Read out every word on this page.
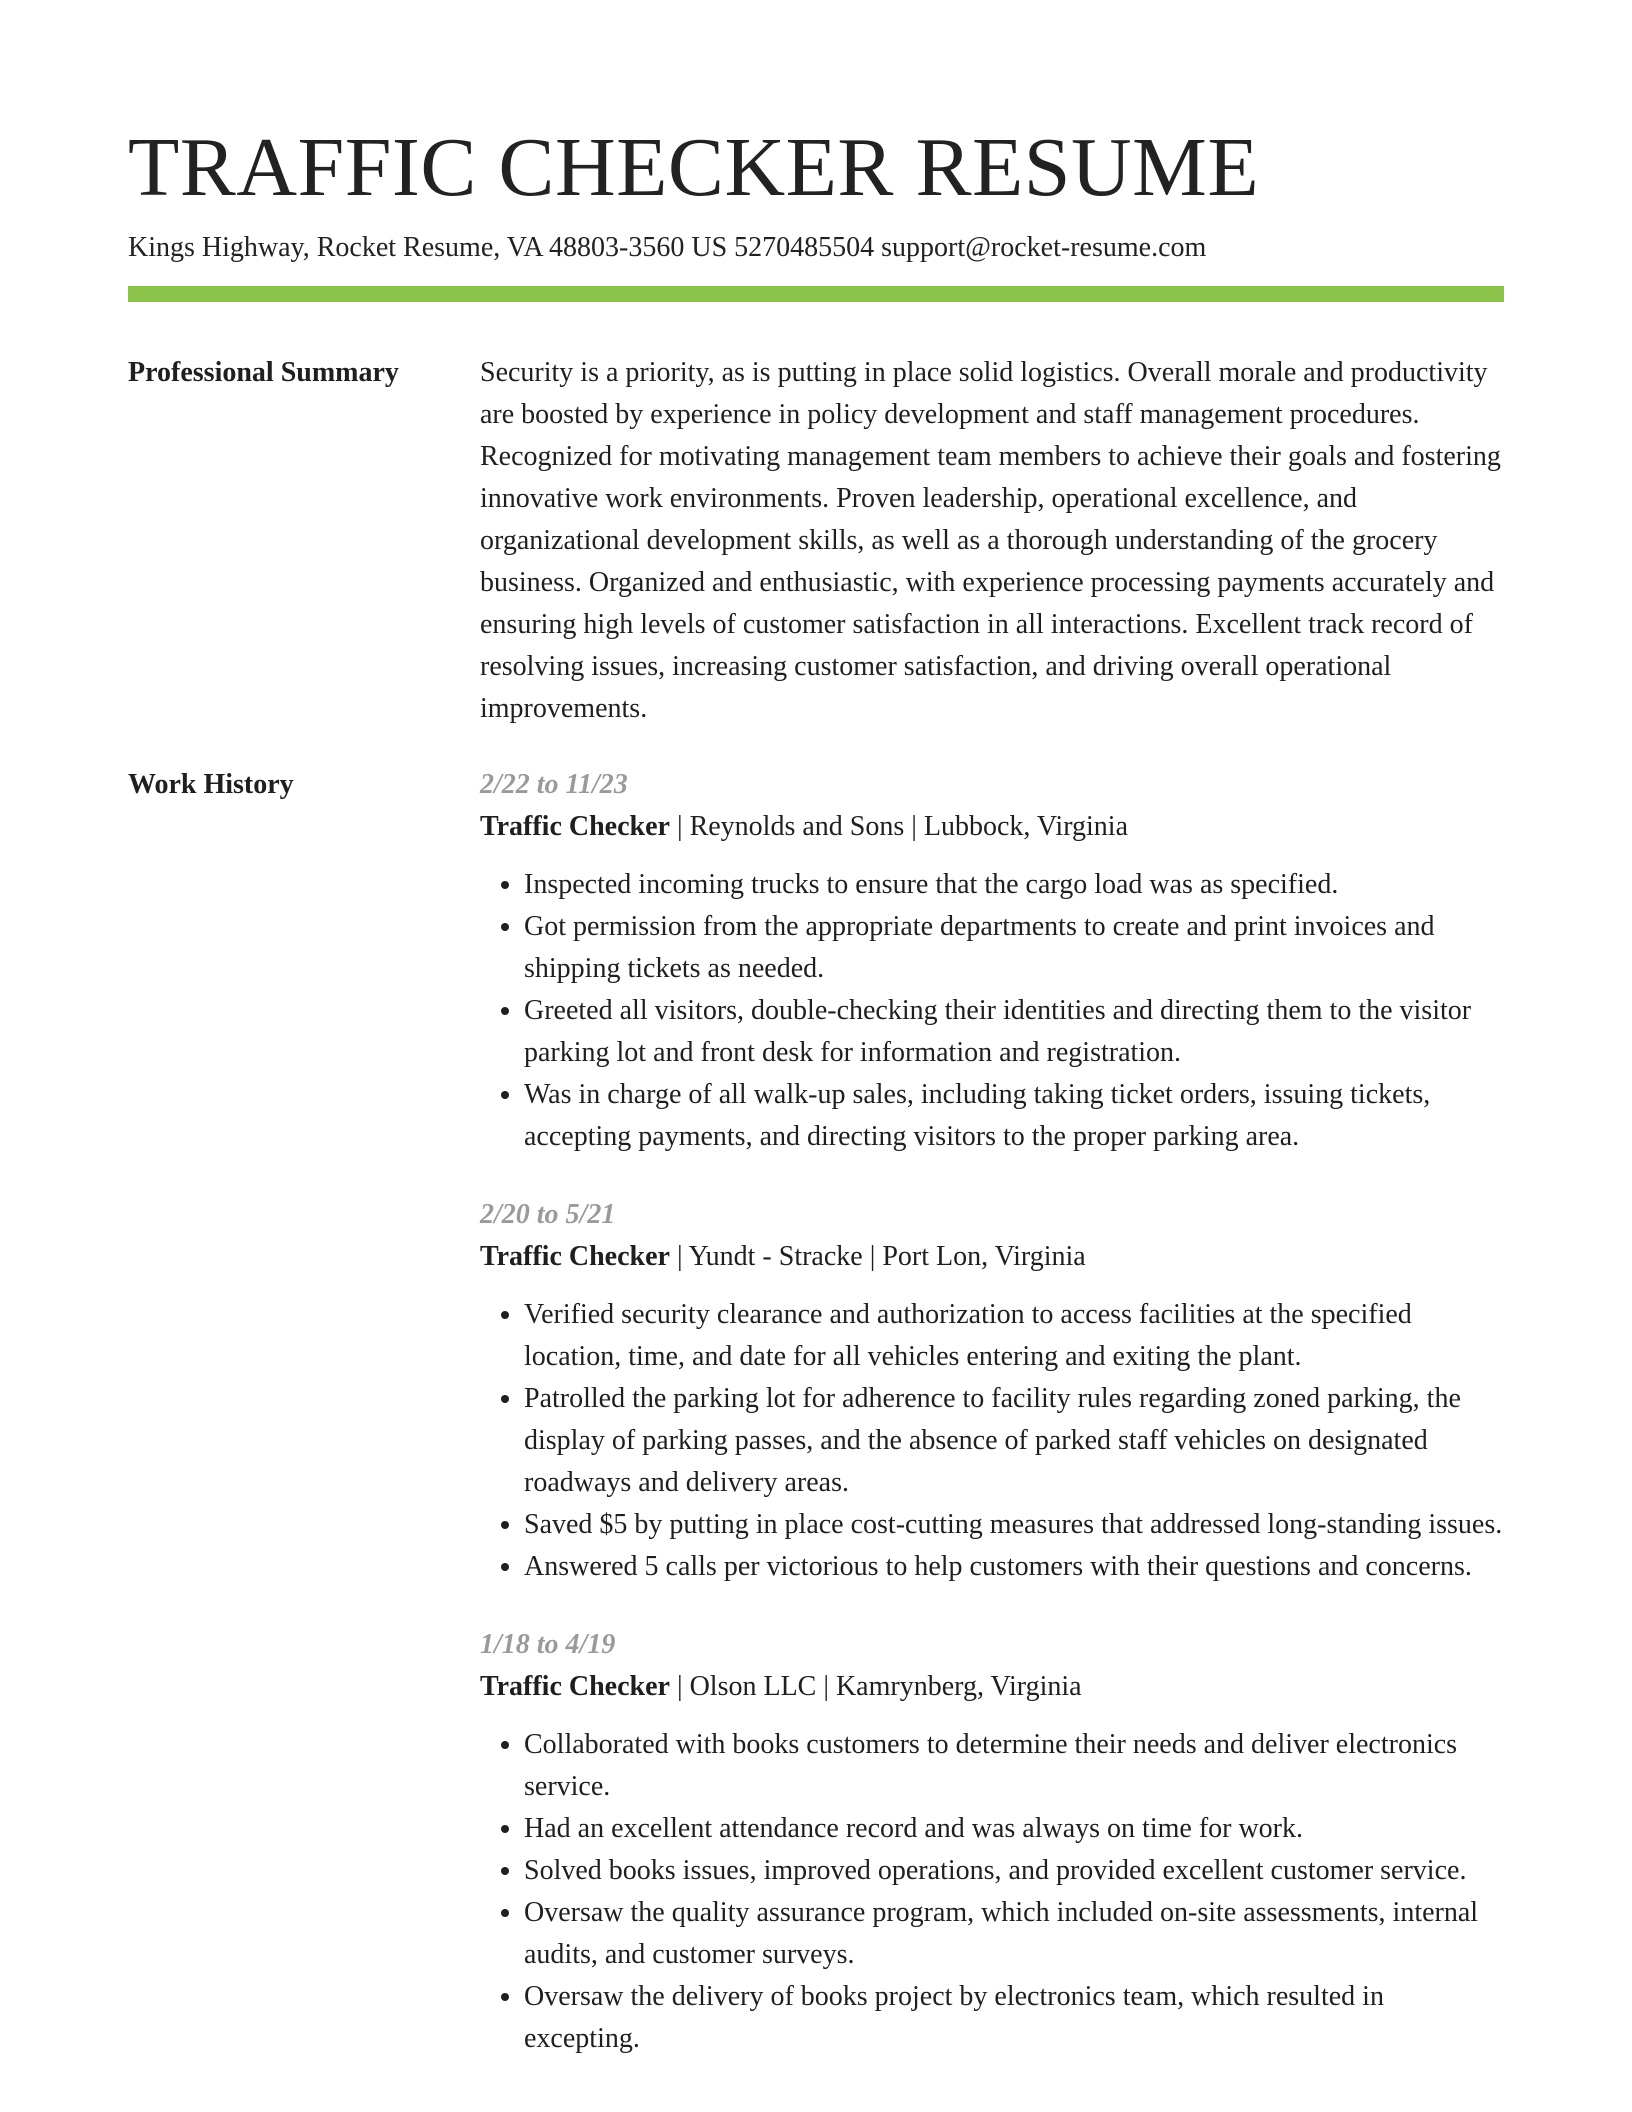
TRAFFIC CHECKER RESUME
Kings Highway, Rocket Resume, VA 48803-3560 US 5270485504 support@rocket-resume.com
Professional Summary	Security is a priority, as is putting in place solid logistics. Overall morale and productivity are boosted by experience in policy development and staff management procedures. Recognized for motivating management team members to achieve their goals and fostering innovative work environments. Proven leadership, operational excellence, and organizational development skills, as well as a thorough understanding of the grocery business. Organized and enthusiastic, with experience processing payments accurately and ensuring high levels of customer satisfaction in all interactions. Excellent track record of resolving issues, increasing customer satisfaction, and driving overall operational improvements.

Work History	2/22 to 11/23
Traffic Checker | Reynolds and Sons | Lubbock, Virginia
• Inspected incoming trucks to ensure that the cargo load was as specified.
• Got permission from the appropriate departments to create and print invoices and shipping tickets as needed.
• Greeted all visitors, double-checking their identities and directing them to the visitor parking lot and front desk for information and registration.
• Was in charge of all walk-up sales, including taking ticket orders, issuing tickets, accepting payments, and directing visitors to the proper parking area.
2/20 to 5/21
Traffic Checker | Yundt - Stracke | Port Lon, Virginia
• Verified security clearance and authorization to access facilities at the specified location, time, and date for all vehicles entering and exiting the plant.
• Patrolled the parking lot for adherence to facility rules regarding zoned parking, the display of parking passes, and the absence of parked staff vehicles on designated roadways and delivery areas.
• Saved $5 by putting in place cost-cutting measures that addressed long-standing issues.
• Answered 5 calls per victorious to help customers with their questions and concerns.
1/18 to 4/19
Traffic Checker | Olson LLC | Kamrynberg, Virginia
• Collaborated with books customers to determine their needs and deliver electronics service.
• Had an excellent attendance record and was always on time for work.
• Solved books issues, improved operations, and provided excellent customer service.
• Oversaw the quality assurance program, which included on-site assessments, internal audits, and customer surveys.
• Oversaw the delivery of books project by electronics team, which resulted in excepting.
